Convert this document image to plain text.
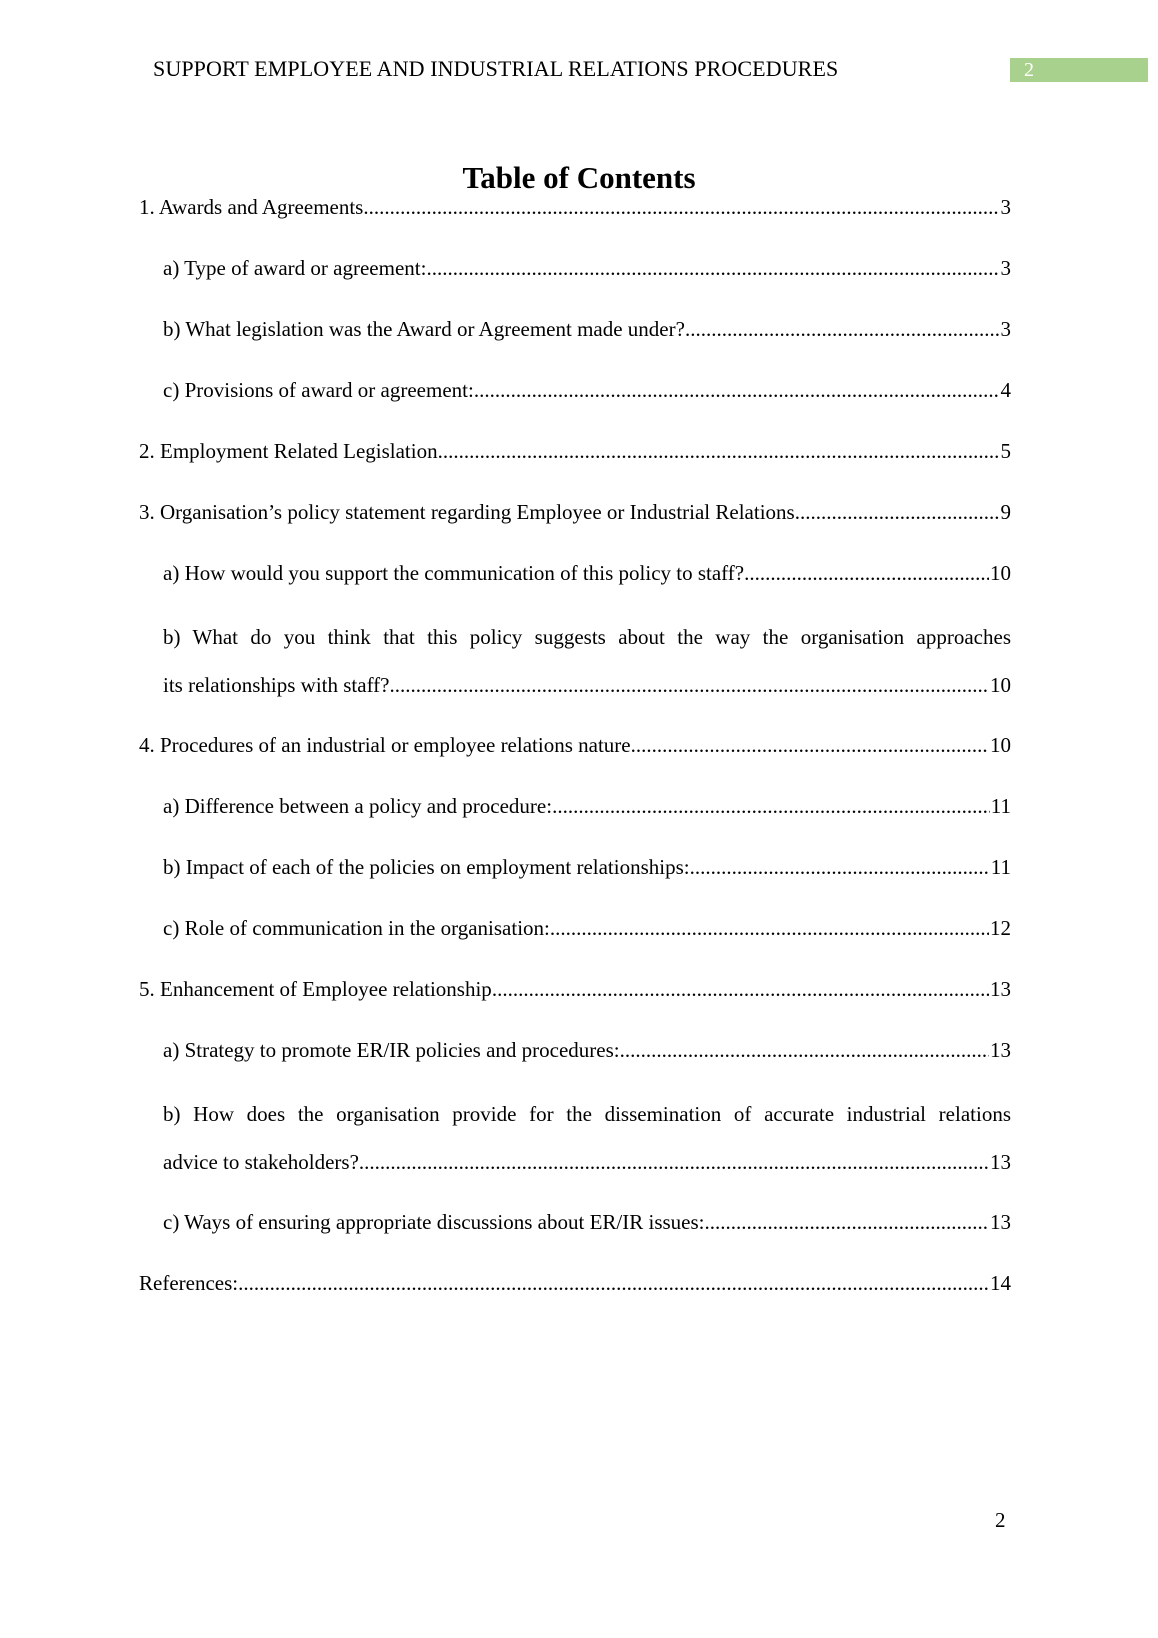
SUPPORT EMPLOYEE AND INDUSTRIAL RELATIONS PROCEDURES	2
Table of Contents
1. Awards and Agreements .....	3
a) Type of award or agreement: .....	3
b) What legislation was the Award or Agreement made under? .....	3
c) Provisions of award or agreement: .....	4
2. Employment Related Legislation .....	5
3. Organisation’s policy statement regarding Employee or Industrial Relations .....	9
a) How would you support the communication of this policy to staff? .....	10
b) What do you think that this policy suggests about the way the organisation approaches
its relationships with staff? .....	10
4. Procedures of an industrial or employee relations nature .....	10
a) Difference between a policy and procedure: .....	11
b) Impact of each of the policies on employment relationships: .....	11
c) Role of communication in the organisation: .....	12
5. Enhancement of Employee relationship .....	13
a) Strategy to promote ER/IR policies and procedures: .....	13
b) How does the organisation provide for the dissemination of accurate industrial relations
advice to stakeholders? .....	13
c) Ways of ensuring appropriate discussions about ER/IR issues: .....	13
References: .....	14
2
